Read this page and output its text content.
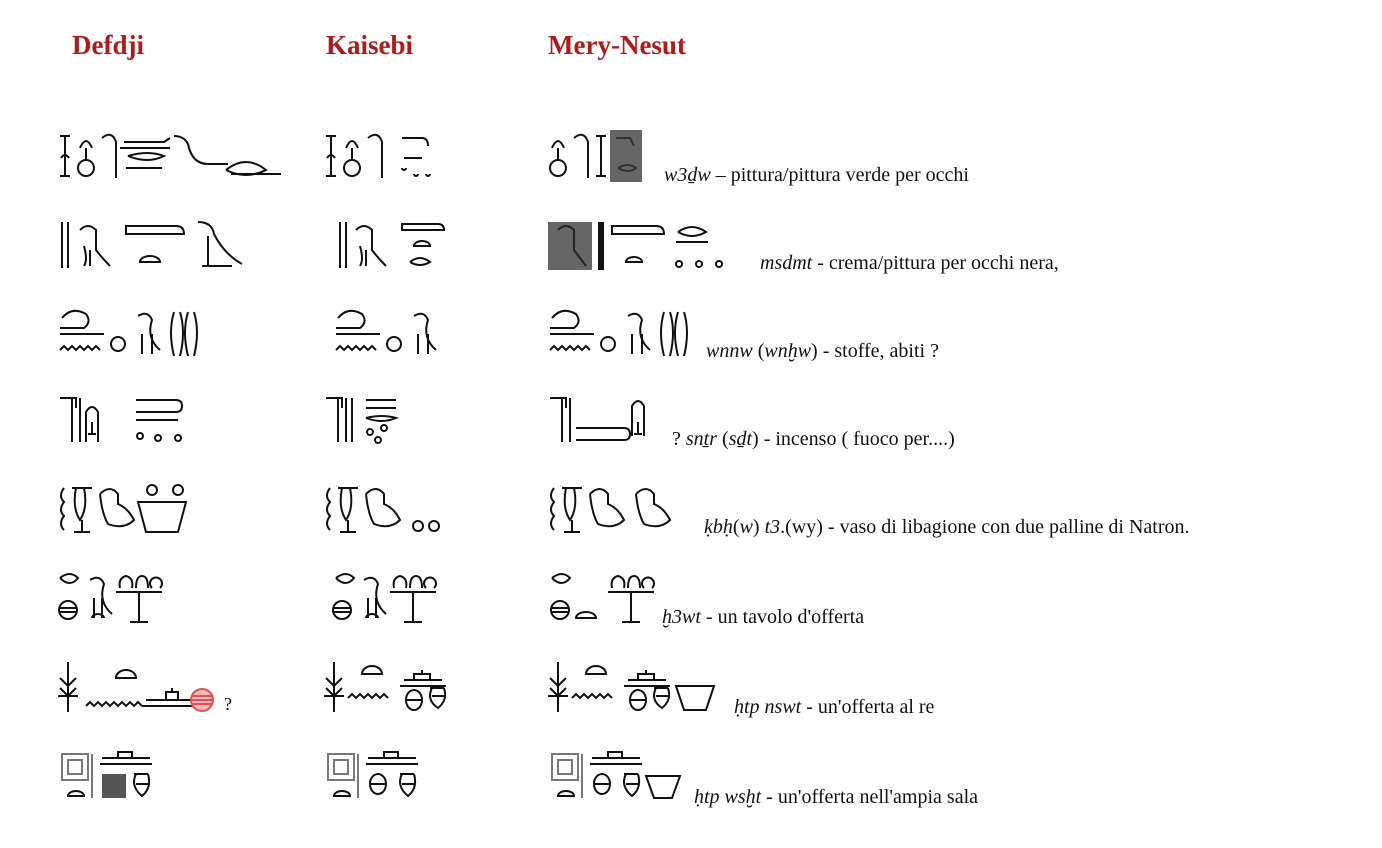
Defdji	Kaisebi	Mery-Nesut
w3ḏw – pittura/pittura verde per occhi
msdmt - crema/pittura per occhi nera,
wnnw (wnḫw) - stoffe, abiti ?
? snṯr (sḏt) - incenso ( fuoco per....)
ḳbḥ(w) t3.(wy) - vaso di libagione con due palline di Natron.
ḫ3wt - un tavolo d'offerta
?	ḥtp nswt - un'offerta al re
ḥtp wsḫt - un'offerta nell'ampia sala
